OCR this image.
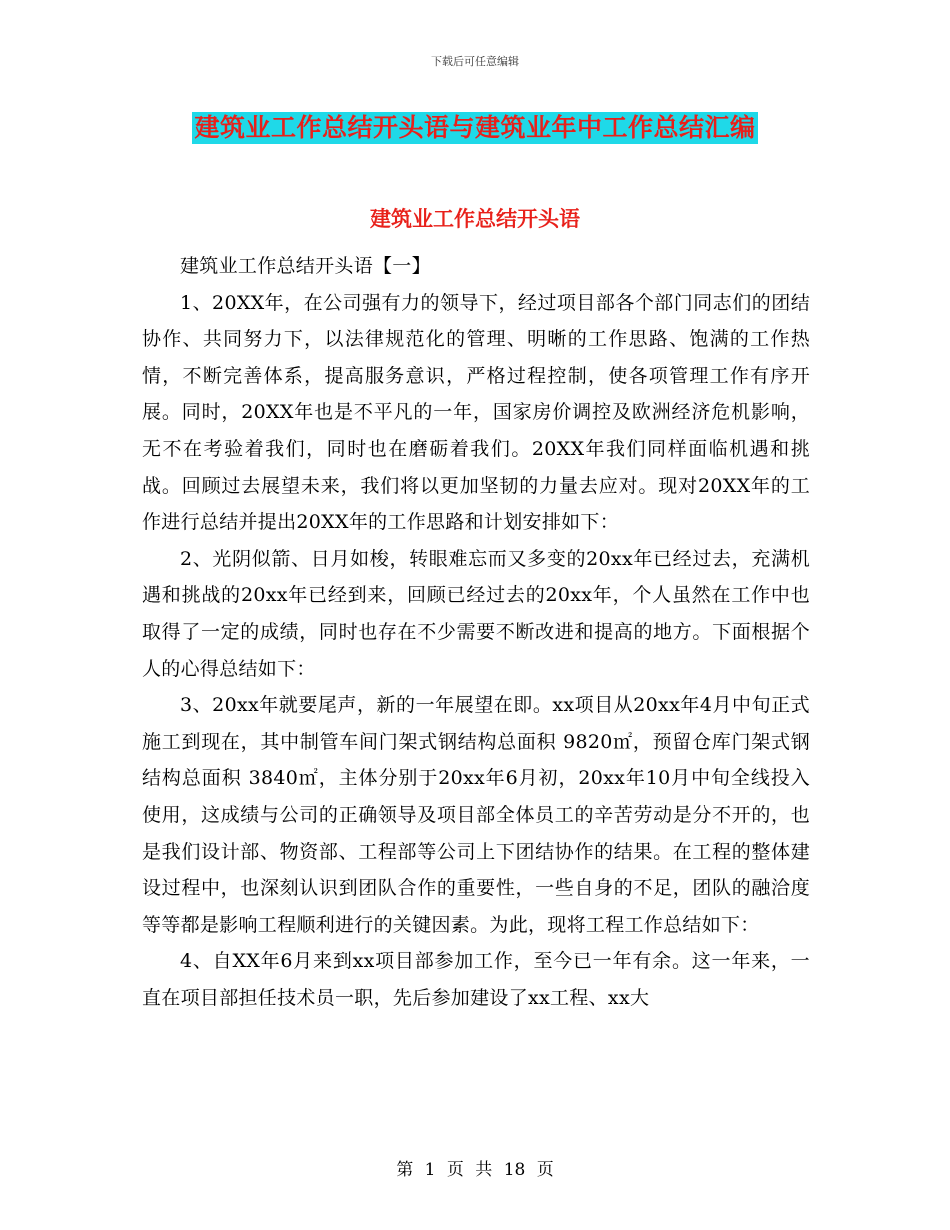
下载后可任意编辑
建筑业工作总结开头语与建筑业年中工作总结汇编
建筑业工作总结开头语

建筑业工作总结开头语【一】

1、20XX年，在公司强有力的领导下，经过项目部各个部门同志们的团结协作、共同努力下，以法律规范化的管理、明晰的工作思路、饱满的工作热情，不断完善体系，提高服务意识，严格过程控制，使各项管理工作有序开展。同时，20XX年也是不平凡的一年，国家房价调控及欧洲经济危机影响，无不在考验着我们，同时也在磨砺着我们。20XX年我们同样面临机遇和挑战。回顾过去展望未来，我们将以更加坚韧的力量去应对。现对20XX年的工作进行总结并提出20XX年的工作思路和计划安排如下：

2、光阴似箭、日月如梭，转眼难忘而又多变的20xx年已经过去，充满机遇和挑战的20xx年已经到来，回顾已经过去的20xx年，个人虽然在工作中也取得了一定的成绩，同时也存在不少需要不断改进和提高的地方。下面根据个人的心得总结如下：

3、20xx年就要尾声，新的一年展望在即。xx项目从20xx年4月中旬正式施工到现在，其中制管车间门架式钢结构总面积 9820㎡，预留仓库门架式钢结构总面积 3840㎡，主体分别于20xx年6月初，20xx年10月中旬全线投入使用，这成绩与公司的正确领导及项目部全体员工的辛苦劳动是分不开的，也是我们设计部、物资部、工程部等公司上下团结协作的结果。在工程的整体建设过程中，也深刻认识到团队合作的重要性，一些自身的不足，团队的融洽度等等都是影响工程顺利进行的关键因素。为此，现将工程工作总结如下：

4、自XX年6月来到xx项目部参加工作，至今已一年有余。这一年来，一直在项目部担任技术员一职，先后参加建设了xx工程、xx大

第 1 页 共 18 页
